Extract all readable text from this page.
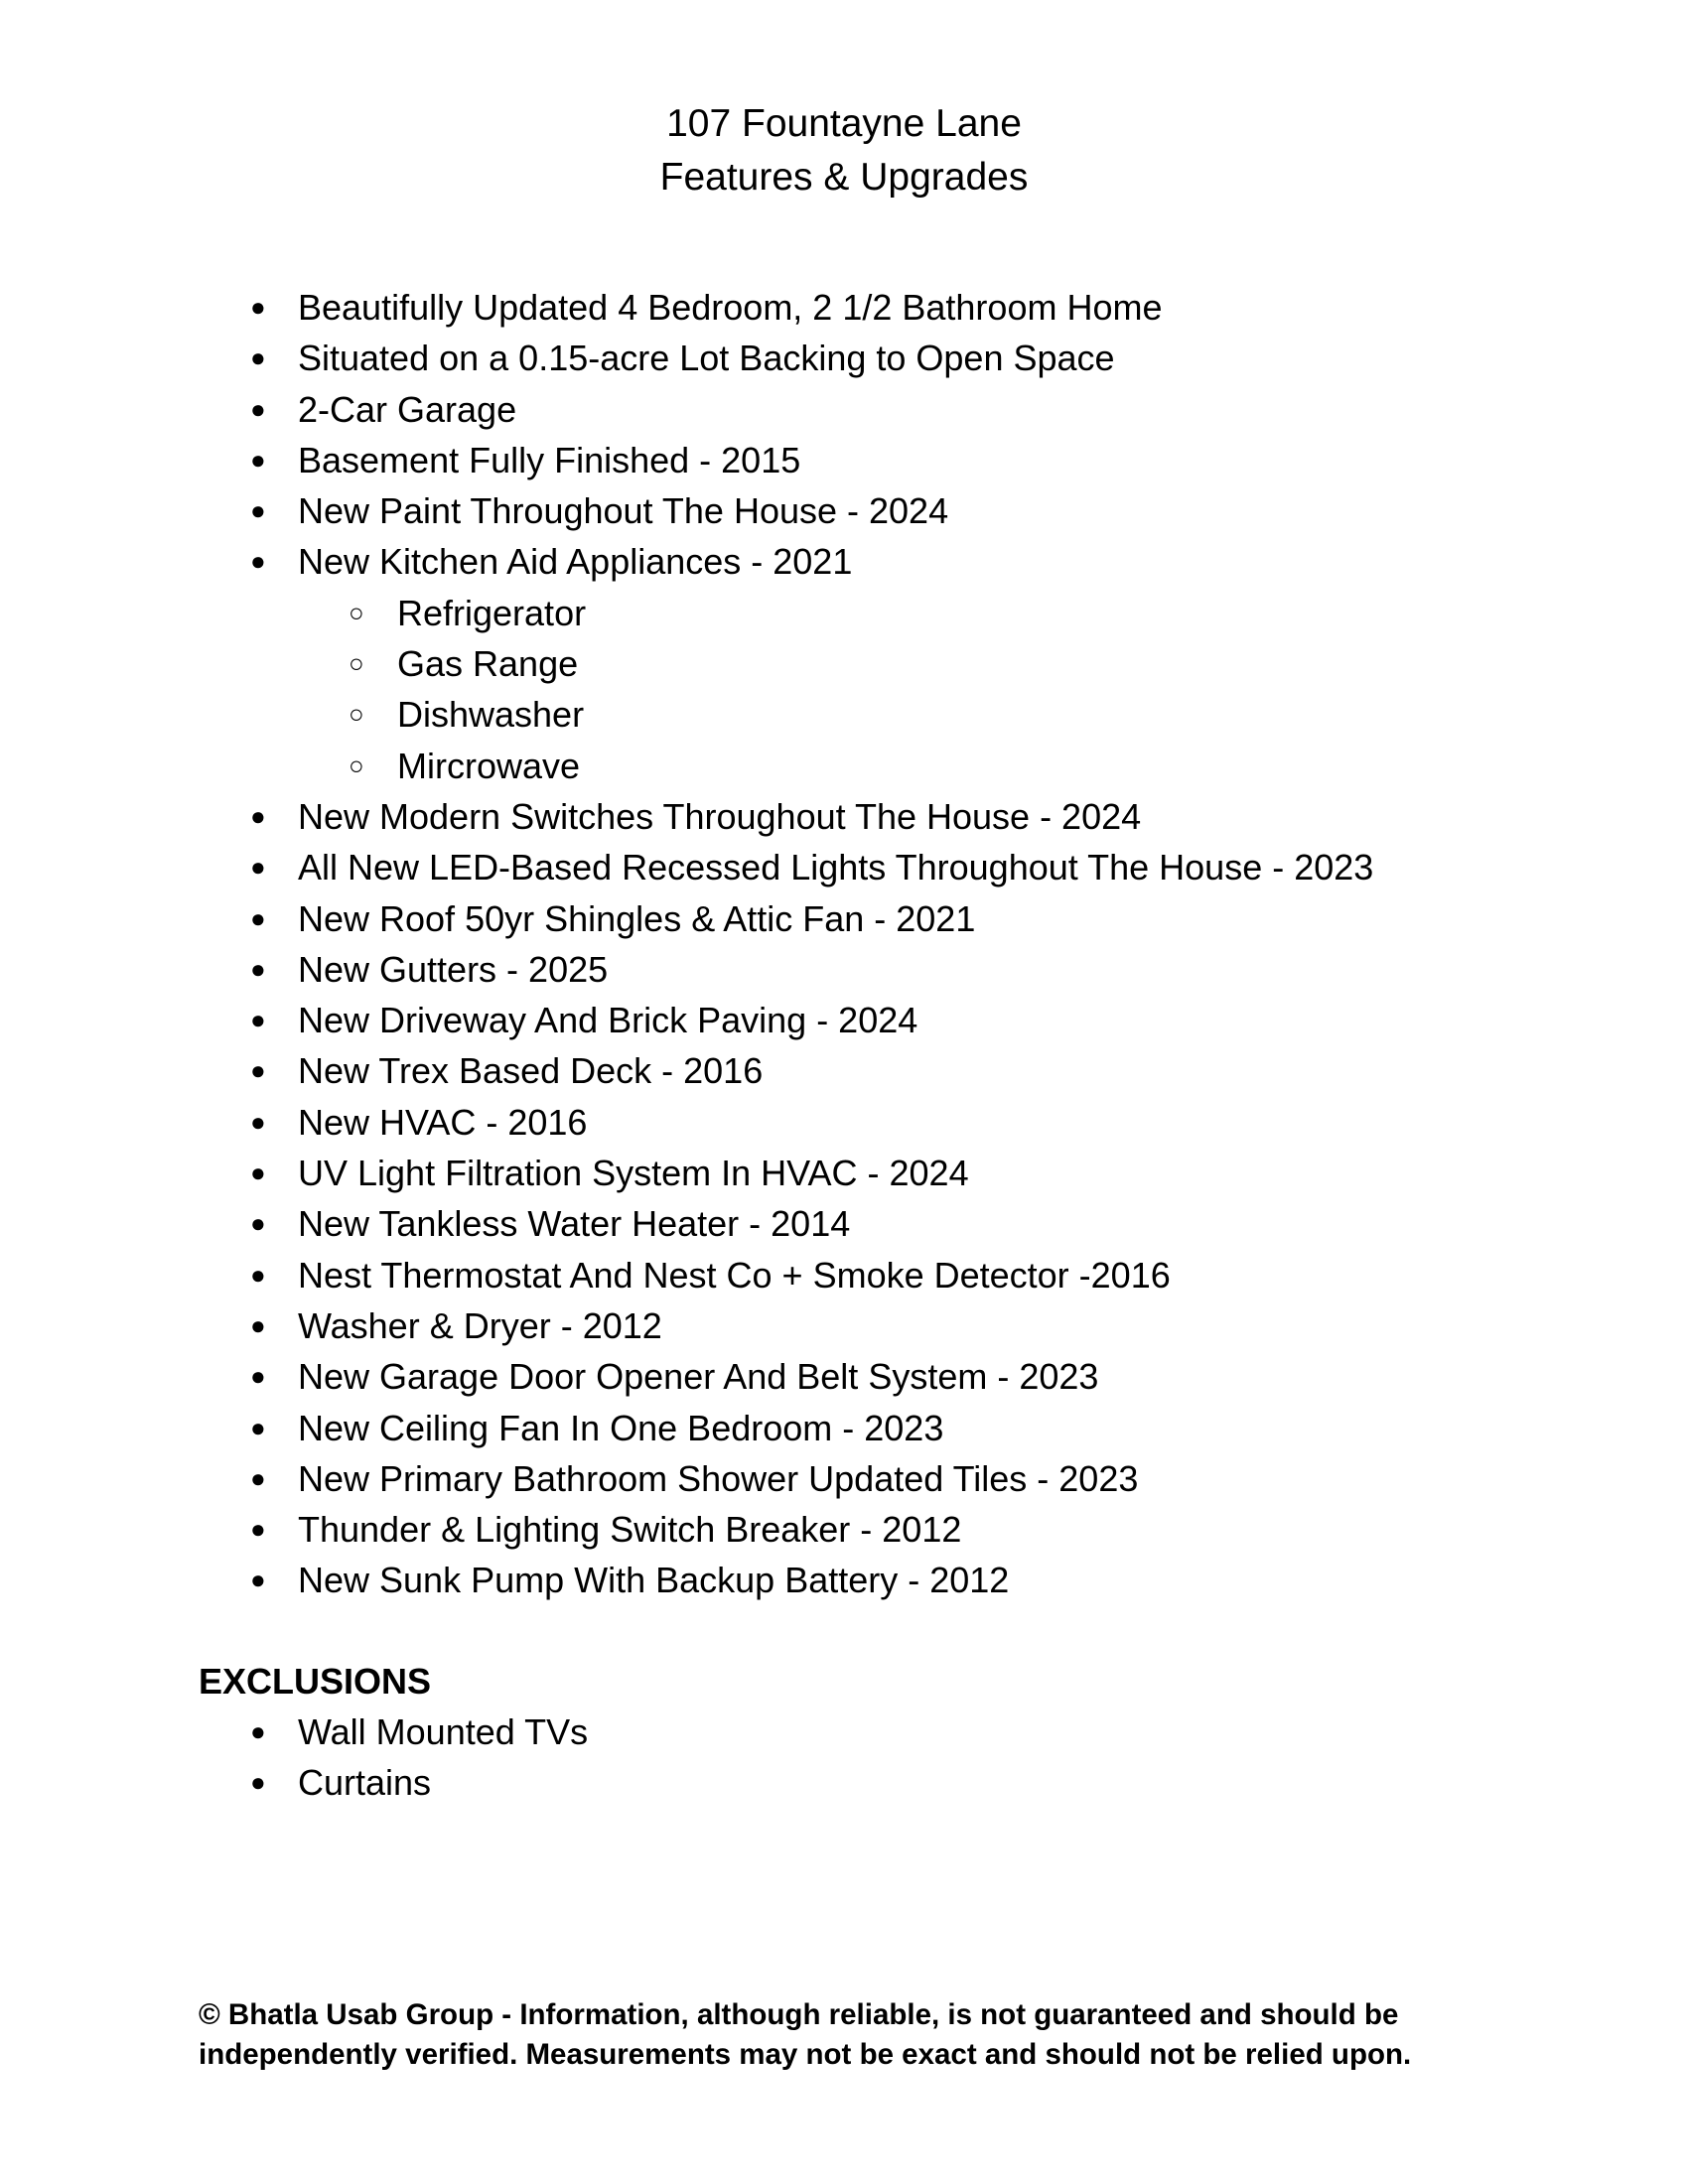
107 Fountayne Lane
Features & Upgrades
● Beautifully Updated 4 Bedroom, 2 1/2 Bathroom Home
● Situated on a 0.15-acre Lot Backing to Open Space
● 2-Car Garage
● Basement Fully Finished - 2015
● New Paint Throughout The House - 2024
● New Kitchen Aid Appliances - 2021
○ Refrigerator
○ Gas Range
○ Dishwasher
○ Mircrowave
● New Modern Switches Throughout The House - 2024
● All New LED-Based Recessed Lights Throughout The House - 2023
● New Roof 50yr Shingles & Attic Fan - 2021
● New Gutters - 2025
● New Driveway And Brick Paving - 2024
● New Trex Based Deck - 2016
● New HVAC - 2016
● UV Light Filtration System In HVAC - 2024
● New Tankless Water Heater - 2014
● Nest Thermostat And Nest Co + Smoke Detector -2016
● Washer & Dryer - 2012
● New Garage Door Opener And Belt System - 2023
● New Ceiling Fan In One Bedroom - 2023
● New Primary Bathroom Shower Updated Tiles - 2023
● Thunder & Lighting Switch Breaker - 2012
● New Sunk Pump With Backup Battery - 2012
EXCLUSIONS
● Wall Mounted TVs
● Curtains
© Bhatla Usab Group - Information, although reliable, is not guaranteed and should be
independently verified. Measurements may not be exact and should not be relied upon.
